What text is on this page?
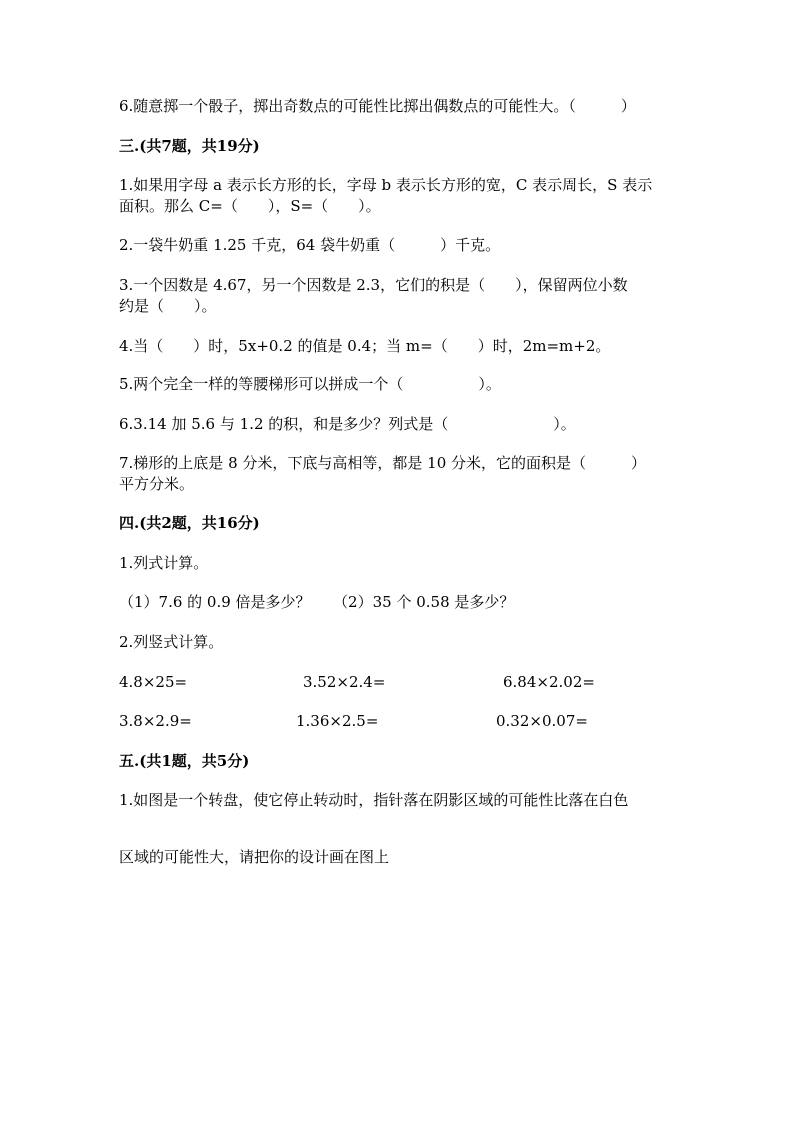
6.随意掷一个骰子，掷出奇数点的可能性比掷出偶数点的可能性大。（　　　）
三.(共7题，共19分)
1.如果用字母 a 表示长方形的长，字母 b 表示长方形的宽，C 表示周长，S 表示
面积。那么 C=（　　），S=（　　）。
2.一袋牛奶重 1.25 千克，64 袋牛奶重（　　　）千克。
3.一个因数是 4.67，另一个因数是 2.3，它们的积是（　　），保留两位小数
约是（　　）。
4.当（　　）时，5x+0.2 的值是 0.4；当 m=（　　）时，2m=m+2。
5.两个完全一样的等腰梯形可以拼成一个（　　　　　）。
6.3.14 加 5.6 与 1.2 的积，和是多少？列式是（　　　　　　　）。
7.梯形的上底是 8 分米，下底与高相等，都是 10 分米，它的面积是（　　　）
平方分米。
四.(共2题，共16分)
1.列式计算。
（1）7.6 的 0.9 倍是多少？　　（2）35 个 0.58 是多少？
2.列竖式计算。
4.8×25=	3.52×2.4=	6.84×2.02=
3.8×2.9=	1.36×2.5=	0.32×0.07=
五.(共1题，共5分)
1.如图是一个转盘，使它停止转动时，指针落在阴影区域的可能性比落在白色
区域的可能性大，请把你的设计画在图上
